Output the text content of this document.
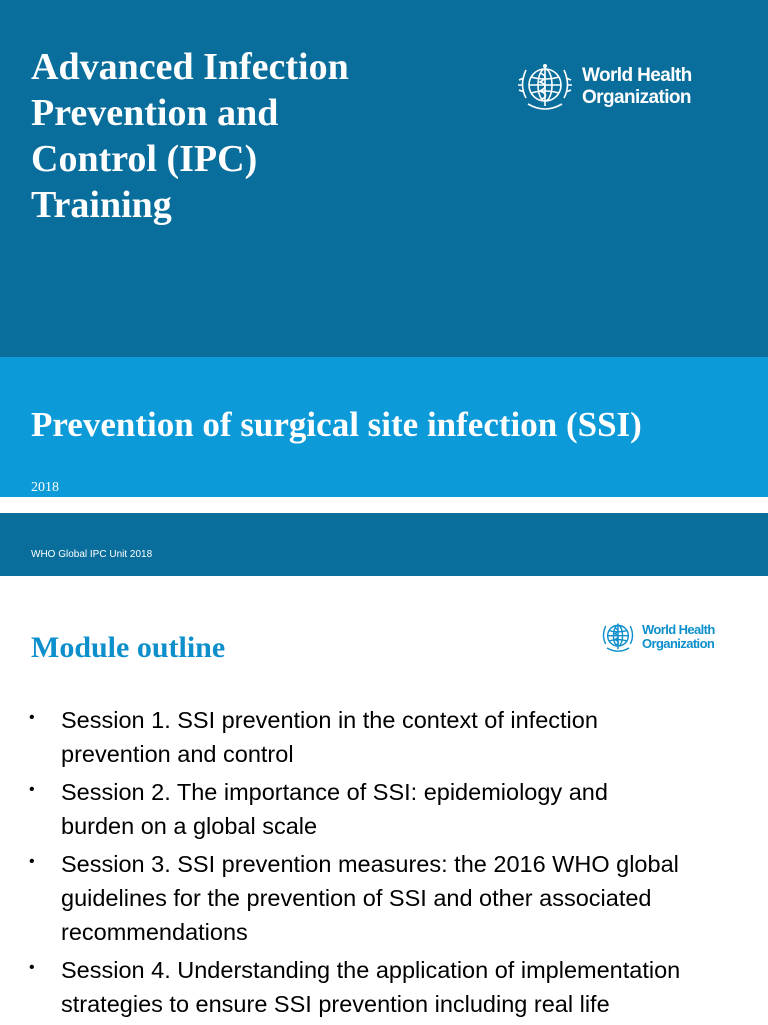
Advanced Infection
Prevention and
Control (IPC)
Training
World Health
Organization
Prevention of surgical site infection (SSI)
2018
WHO Global IPC Unit 2018
Module outline
World Health
Organization
• Session 1. SSI prevention in the context of infection
prevention and control
• Session 2. The importance of SSI: epidemiology and
burden on a global scale
• Session 3. SSI prevention measures: the 2016 WHO global
guidelines for the prevention of SSI and other associated
recommendations
• Session 4. Understanding the application of implementation
strategies to ensure SSI prevention including real life
